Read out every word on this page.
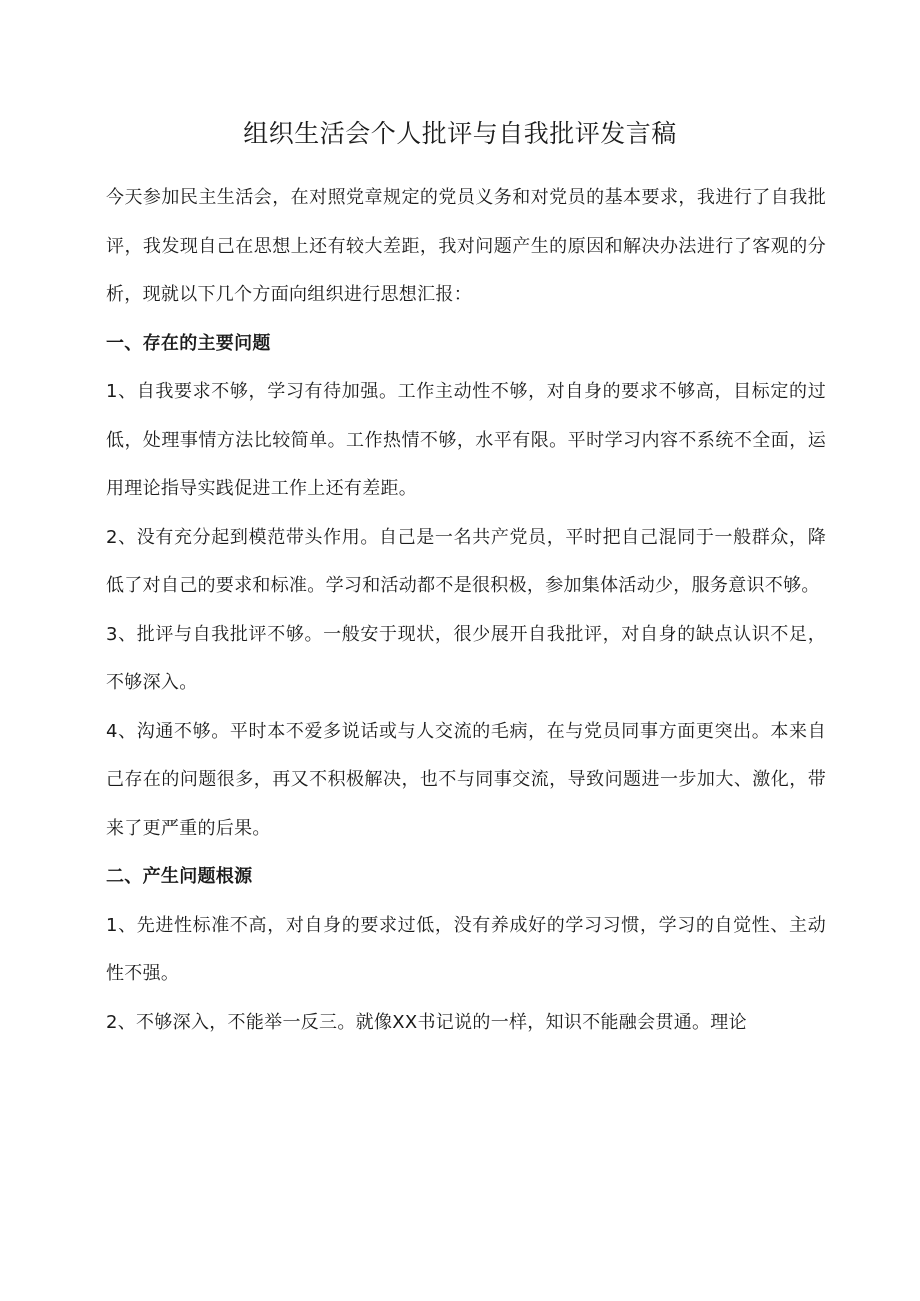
组织生活会个人批评与自我批评发言稿

今天参加民主生活会，在对照党章规定的党员义务和对党员的基本要求，我进行了自我批评，我发现自己在思想上还有较大差距，我对问题产生的原因和解决办法进行了客观的分析，现就以下几个方面向组织进行思想汇报：

一、存在的主要问题

1、自我要求不够，学习有待加强。工作主动性不够，对自身的要求不够高，目标定的过低，处理事情方法比较简单。工作热情不够，水平有限。平时学习内容不系统不全面，运用理论指导实践促进工作上还有差距。

2、没有充分起到模范带头作用。自己是一名共产党员，平时把自己混同于一般群众，降低了对自己的要求和标准。学习和活动都不是很积极，参加集体活动少，服务意识不够。

3、批评与自我批评不够。一般安于现状，很少展开自我批评，对自身的缺点认识不足，不够深入。

4、沟通不够。平时本不爱多说话或与人交流的毛病，在与党员同事方面更突出。本来自己存在的问题很多，再又不积极解决，也不与同事交流，导致问题进一步加大、激化，带来了更严重的后果。

二、产生问题根源

1、先进性标准不高，对自身的要求过低，没有养成好的学习习惯，学习的自觉性、主动性不强。

2、不够深入，不能举一反三。就像XX书记说的一样，知识不能融会贯通。理论
